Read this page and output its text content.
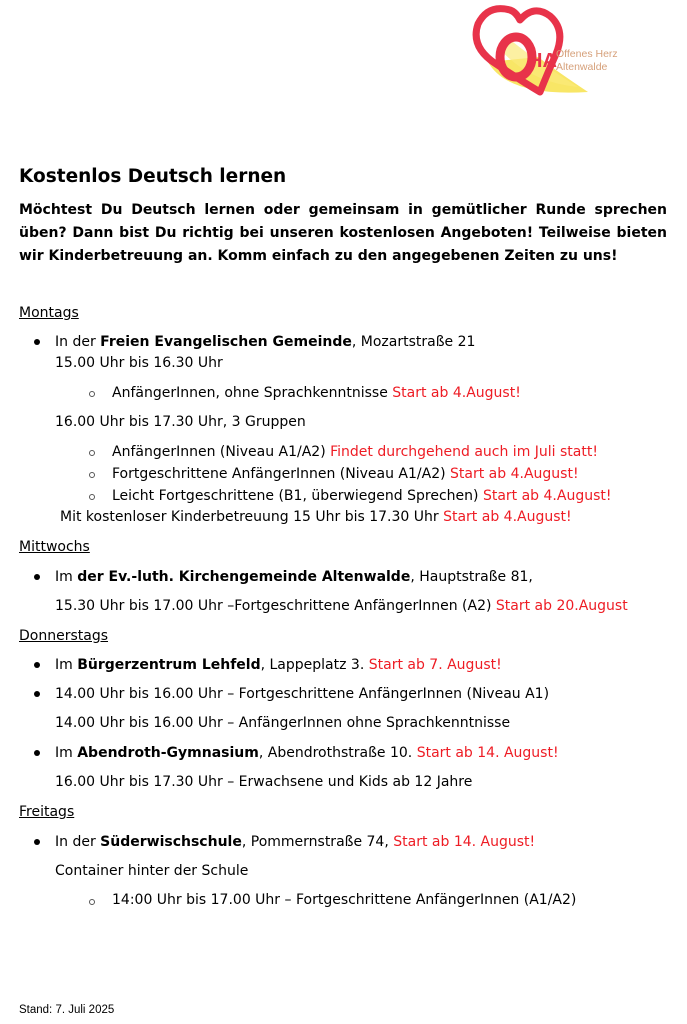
HA Offenes Herz
Altenwalde
Kostenlos Deutsch lernen
Möchtest Du Deutsch lernen oder gemeinsam in gemütlicher Runde sprechen üben? Dann bist Du richtig bei unseren kostenlosen Angeboten! Teilweise bieten wir Kinderbetreuung an. Komm einfach zu den angegebenen Zeiten zu uns!
Montags
In der Freien Evangelischen Gemeinde, Mozartstraße 21
15.00 Uhr bis 16.30 Uhr
AnfängerInnen, ohne Sprachkenntnisse Start ab 4.August!
16.00 Uhr bis 17.30 Uhr, 3 Gruppen
AnfängerInnen (Niveau A1/A2) Findet durchgehend auch im Juli statt!
Fortgeschrittene AnfängerInnen (Niveau A1/A2) Start ab 4.August!
Leicht Fortgeschrittene (B1, überwiegend Sprechen) Start ab 4.August!
Mit kostenloser Kinderbetreuung 15 Uhr bis 17.30 Uhr Start ab 4.August!
Mittwochs
Im der Ev.-luth. Kirchengemeinde Altenwalde, Hauptstraße 81,
15.30 Uhr bis 17.00 Uhr –Fortgeschrittene AnfängerInnen (A2) Start ab 20.August
Donnerstags
Im Bürgerzentrum Lehfeld, Lappeplatz 3. Start ab 7. August!
14.00 Uhr bis 16.00 Uhr – Fortgeschrittene AnfängerInnen (Niveau A1)
14.00 Uhr bis 16.00 Uhr – AnfängerInnen ohne Sprachkenntnisse
Im Abendroth-Gymnasium, Abendrothstraße 10. Start ab 14. August!
16.00 Uhr bis 17.30 Uhr – Erwachsene und Kids ab 12 Jahre
Freitags
In der Süderwischschule, Pommernstraße 74, Start ab 14. August!
Container hinter der Schule
14:00 Uhr bis 17.00 Uhr – Fortgeschrittene AnfängerInnen (A1/A2)
Stand: 7. Juli 2025
